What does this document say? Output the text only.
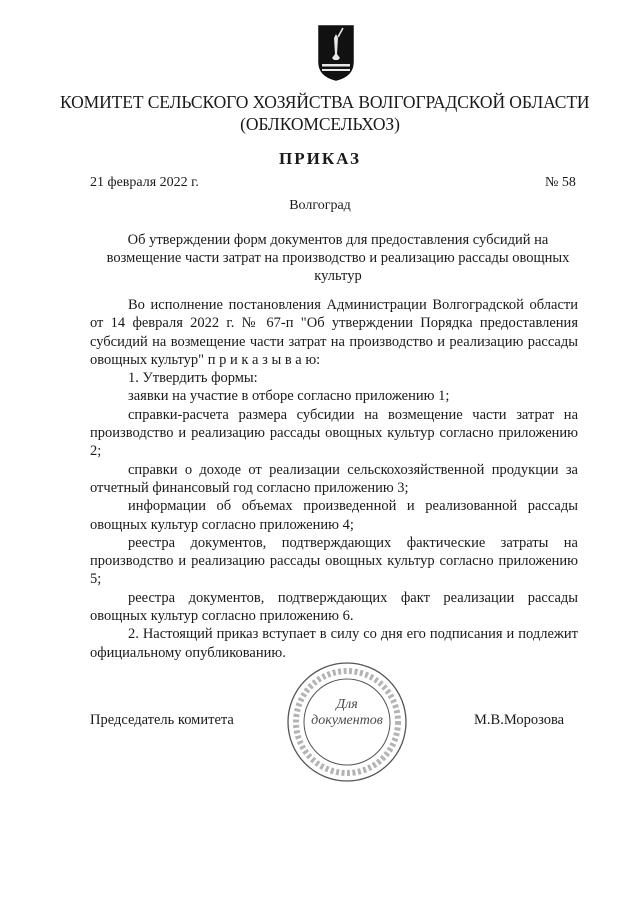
КОМИТЕТ СЕЛЬСКОГО ХОЗЯЙСТВА ВОЛГОГРАДСКОЙ ОБЛАСТИ
(ОБЛКОМСЕЛЬХОЗ)
ПРИКАЗ
21 февраля 2022 г.	№ 58
Волгоград
Об утверждении форм документов для предоставления субсидий на возмещение части затрат на производство и реализацию рассады овощных культур

Во исполнение постановления Администрации Волгоградской области от 14 февраля 2022 г. № 67-п "Об утверждении Порядка предоставления субсидий на возмещение части затрат на производство и реализацию рассады овощных культур" п р и к а з ы в а ю:

1. Утвердить формы:

заявки на участие в отборе согласно приложению 1;

справки-расчета размера субсидии на возмещение части затрат на производство и реализацию рассады овощных культур согласно приложению 2;

справки о доходе от реализации сельскохозяйственной продукции за отчетный финансовый год согласно приложению 3;

информации об объемах произведенной и реализованной рассады овощных культур согласно приложению 4;

реестра документов, подтверждающих фактические затраты на производство и реализацию рассады овощных культур согласно приложению 5;

реестра документов, подтверждающих факт реализации рассады овощных культур согласно приложению 6.

2. Настоящий приказ вступает в силу со дня его подписания и подлежит официальному опубликованию.

Председатель комитета
Для
документов	М.В.Морозова
